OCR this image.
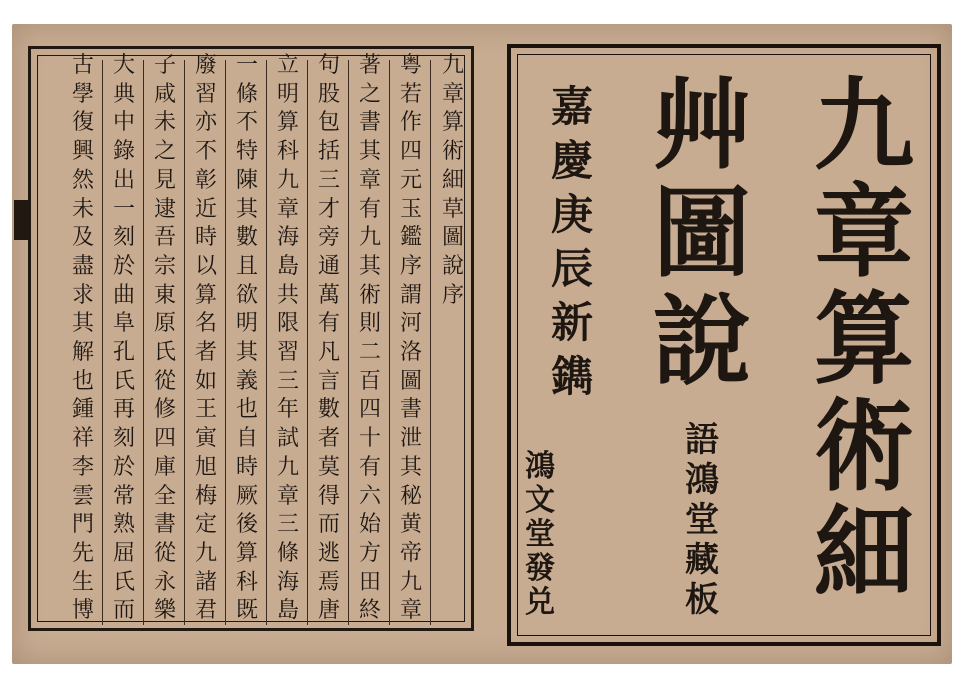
九章算術細草圖說序
粤若作四元玉鑑序謂河洛圖書泄其秘黄帝九章
著之書其章有九其術則二百四十有六始方田終
句股包括三才旁通萬有凡言數者莫得而逃焉唐
立明算科九章海島共限習三年試九章三條海島
一條不特陳其數且欲明其義也自時厥後算科既
廢習亦不彰近時以算名者如王寅旭梅定九諸君
子咸未之見逮吾宗東原氏從修四庫全書從永樂
大典中錄出一刻於曲阜孔氏再刻於常熟屈氏而
古學復興然未及盡求其解也鍾祥李雲門先生博
九章算術細
艸圖說
嘉慶庚辰新鐫
語鴻堂藏板
鴻文堂發兑
